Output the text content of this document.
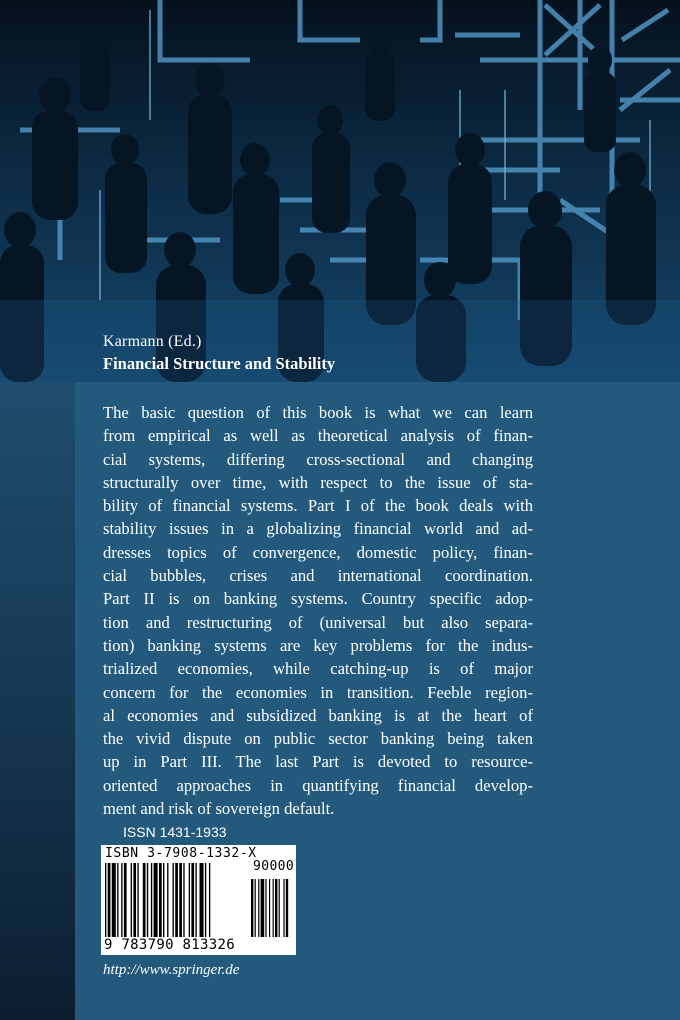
Karmann (Ed.)
Financial Structure and Stability

The basic question of this book is what we can learn
from empirical as well as theoretical analysis of finan-
cial systems, differing cross-sectional and changing
structurally over time, with respect to the issue of sta-
bility of financial systems. Part I of the book deals with
stability issues in a globalizing financial world and ad-
dresses topics of convergence, domestic policy, finan-
cial bubbles, crises and international coordination.
Part II is on banking systems. Country specific adop-
tion and restructuring of (universal but also separa-
tion) banking systems are key problems for the indus-
trialized economies, while catching-up is of major
concern for the economies in transition. Feeble region-
al economies and subsidized banking is at the heart of
the vivid dispute on public sector banking being taken
up in Part III. The last Part is devoted to resource-
oriented approaches in quantifying financial develop-
ment and risk of sovereign default.

ISSN 1431-1933
ISBN 3-7908-1332-X
9 783790 813326
90000
http://www.springer.de
